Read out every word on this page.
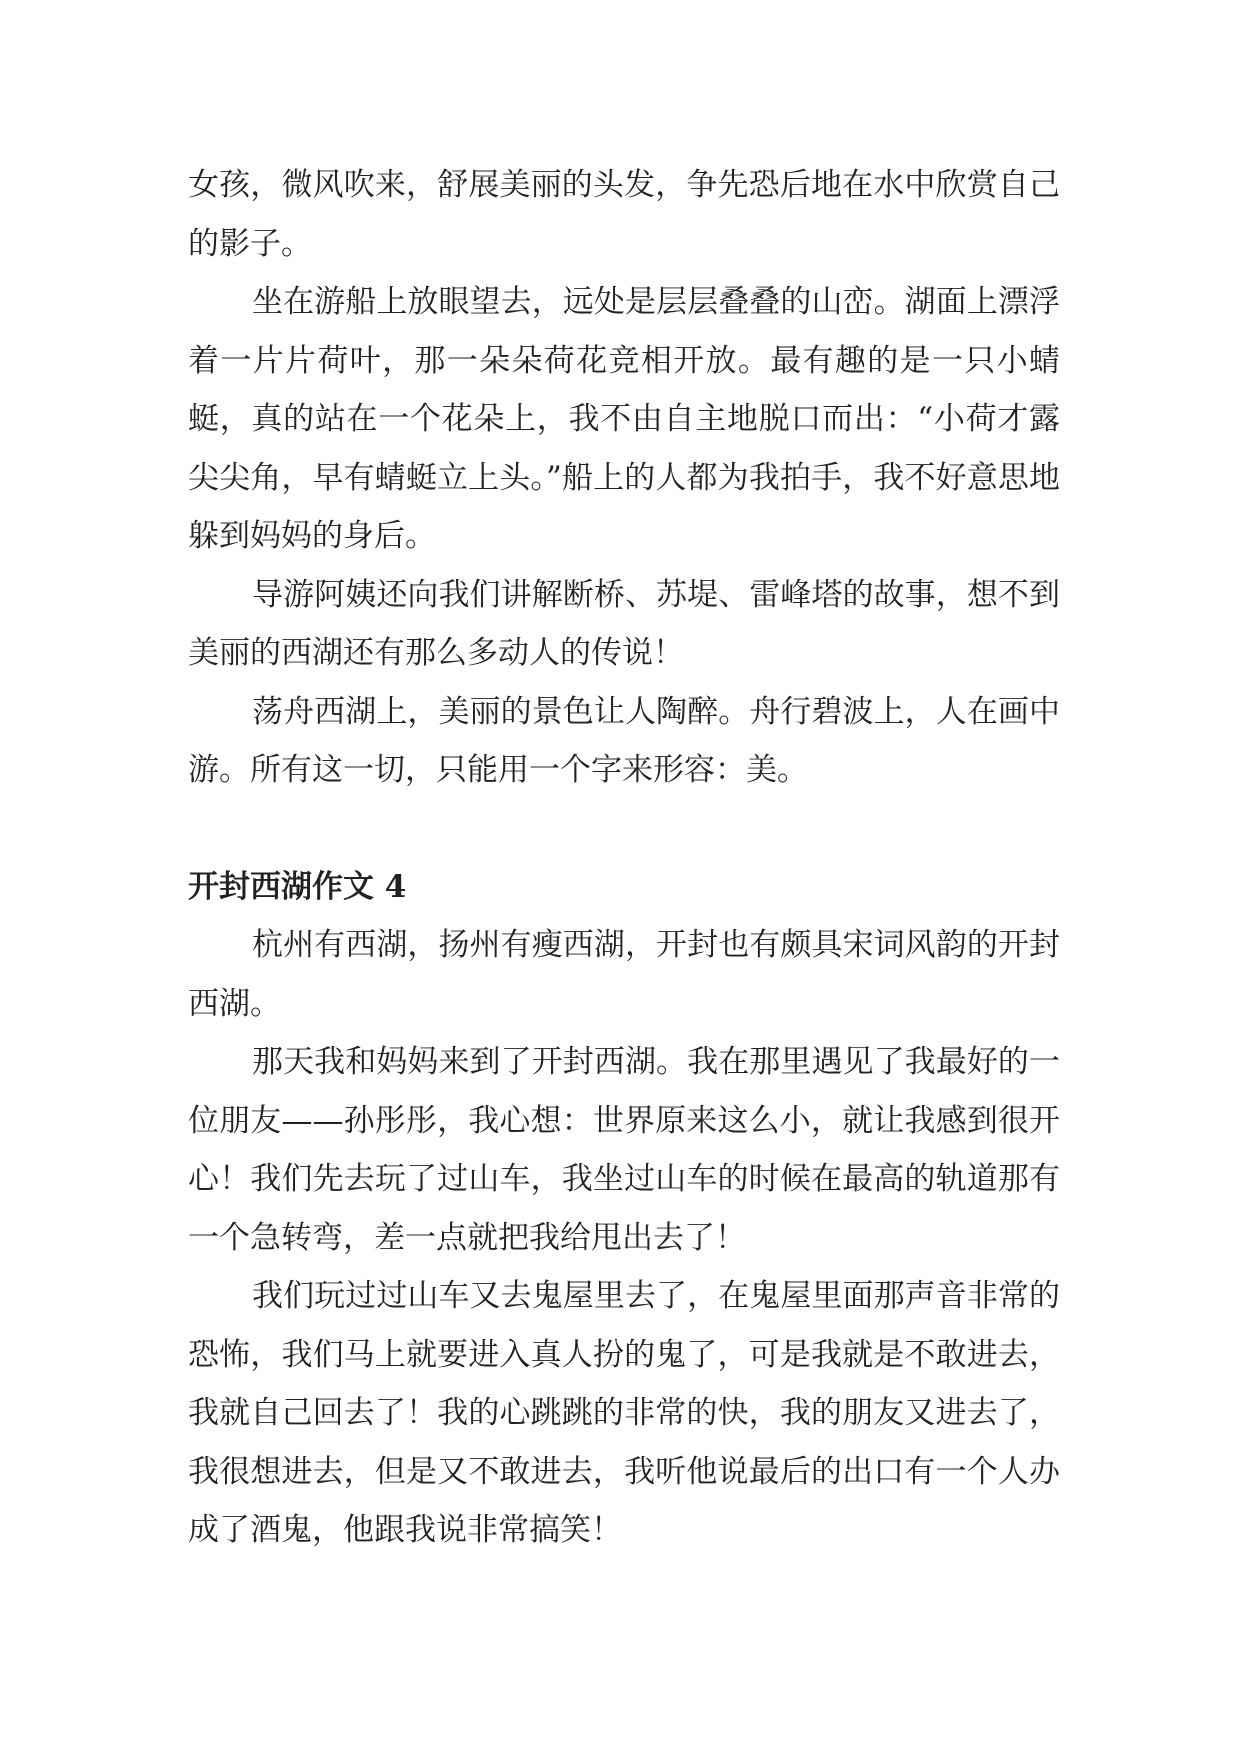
女孩，微风吹来，舒展美丽的头发，争先恐后地在水中欣赏自己的影子。

坐在游船上放眼望去，远处是层层叠叠的山峦。湖面上漂浮着一片片荷叶，那一朵朵荷花竞相开放。最有趣的是一只小蜻蜓，真的站在一个花朵上，我不由自主地脱口而出：“小荷才露尖尖角，早有蜻蜓立上头。”船上的人都为我拍手，我不好意思地躲到妈妈的身后。

导游阿姨还向我们讲解断桥、苏堤、雷峰塔的故事，想不到美丽的西湖还有那么多动人的传说！

荡舟西湖上，美丽的景色让人陶醉。舟行碧波上，人在画中游。所有这一切，只能用一个字来形容：美。

开封西湖作文 4

杭州有西湖，扬州有瘦西湖，开封也有颇具宋词风韵的开封西湖。

那天我和妈妈来到了开封西湖。我在那里遇见了我最好的一位朋友——孙彤彤，我心想：世界原来这么小，就让我感到很开心！我们先去玩了过山车，我坐过山车的时候在最高的轨道那有一个急转弯，差一点就把我给甩出去了！

我们玩过过山车又去鬼屋里去了，在鬼屋里面那声音非常的恐怖，我们马上就要进入真人扮的鬼了，可是我就是不敢进去，我就自己回去了！我的心跳跳的非常的快，我的朋友又进去了，我很想进去，但是又不敢进去，我听他说最后的出口有一个人办成了酒鬼，他跟我说非常搞笑！
